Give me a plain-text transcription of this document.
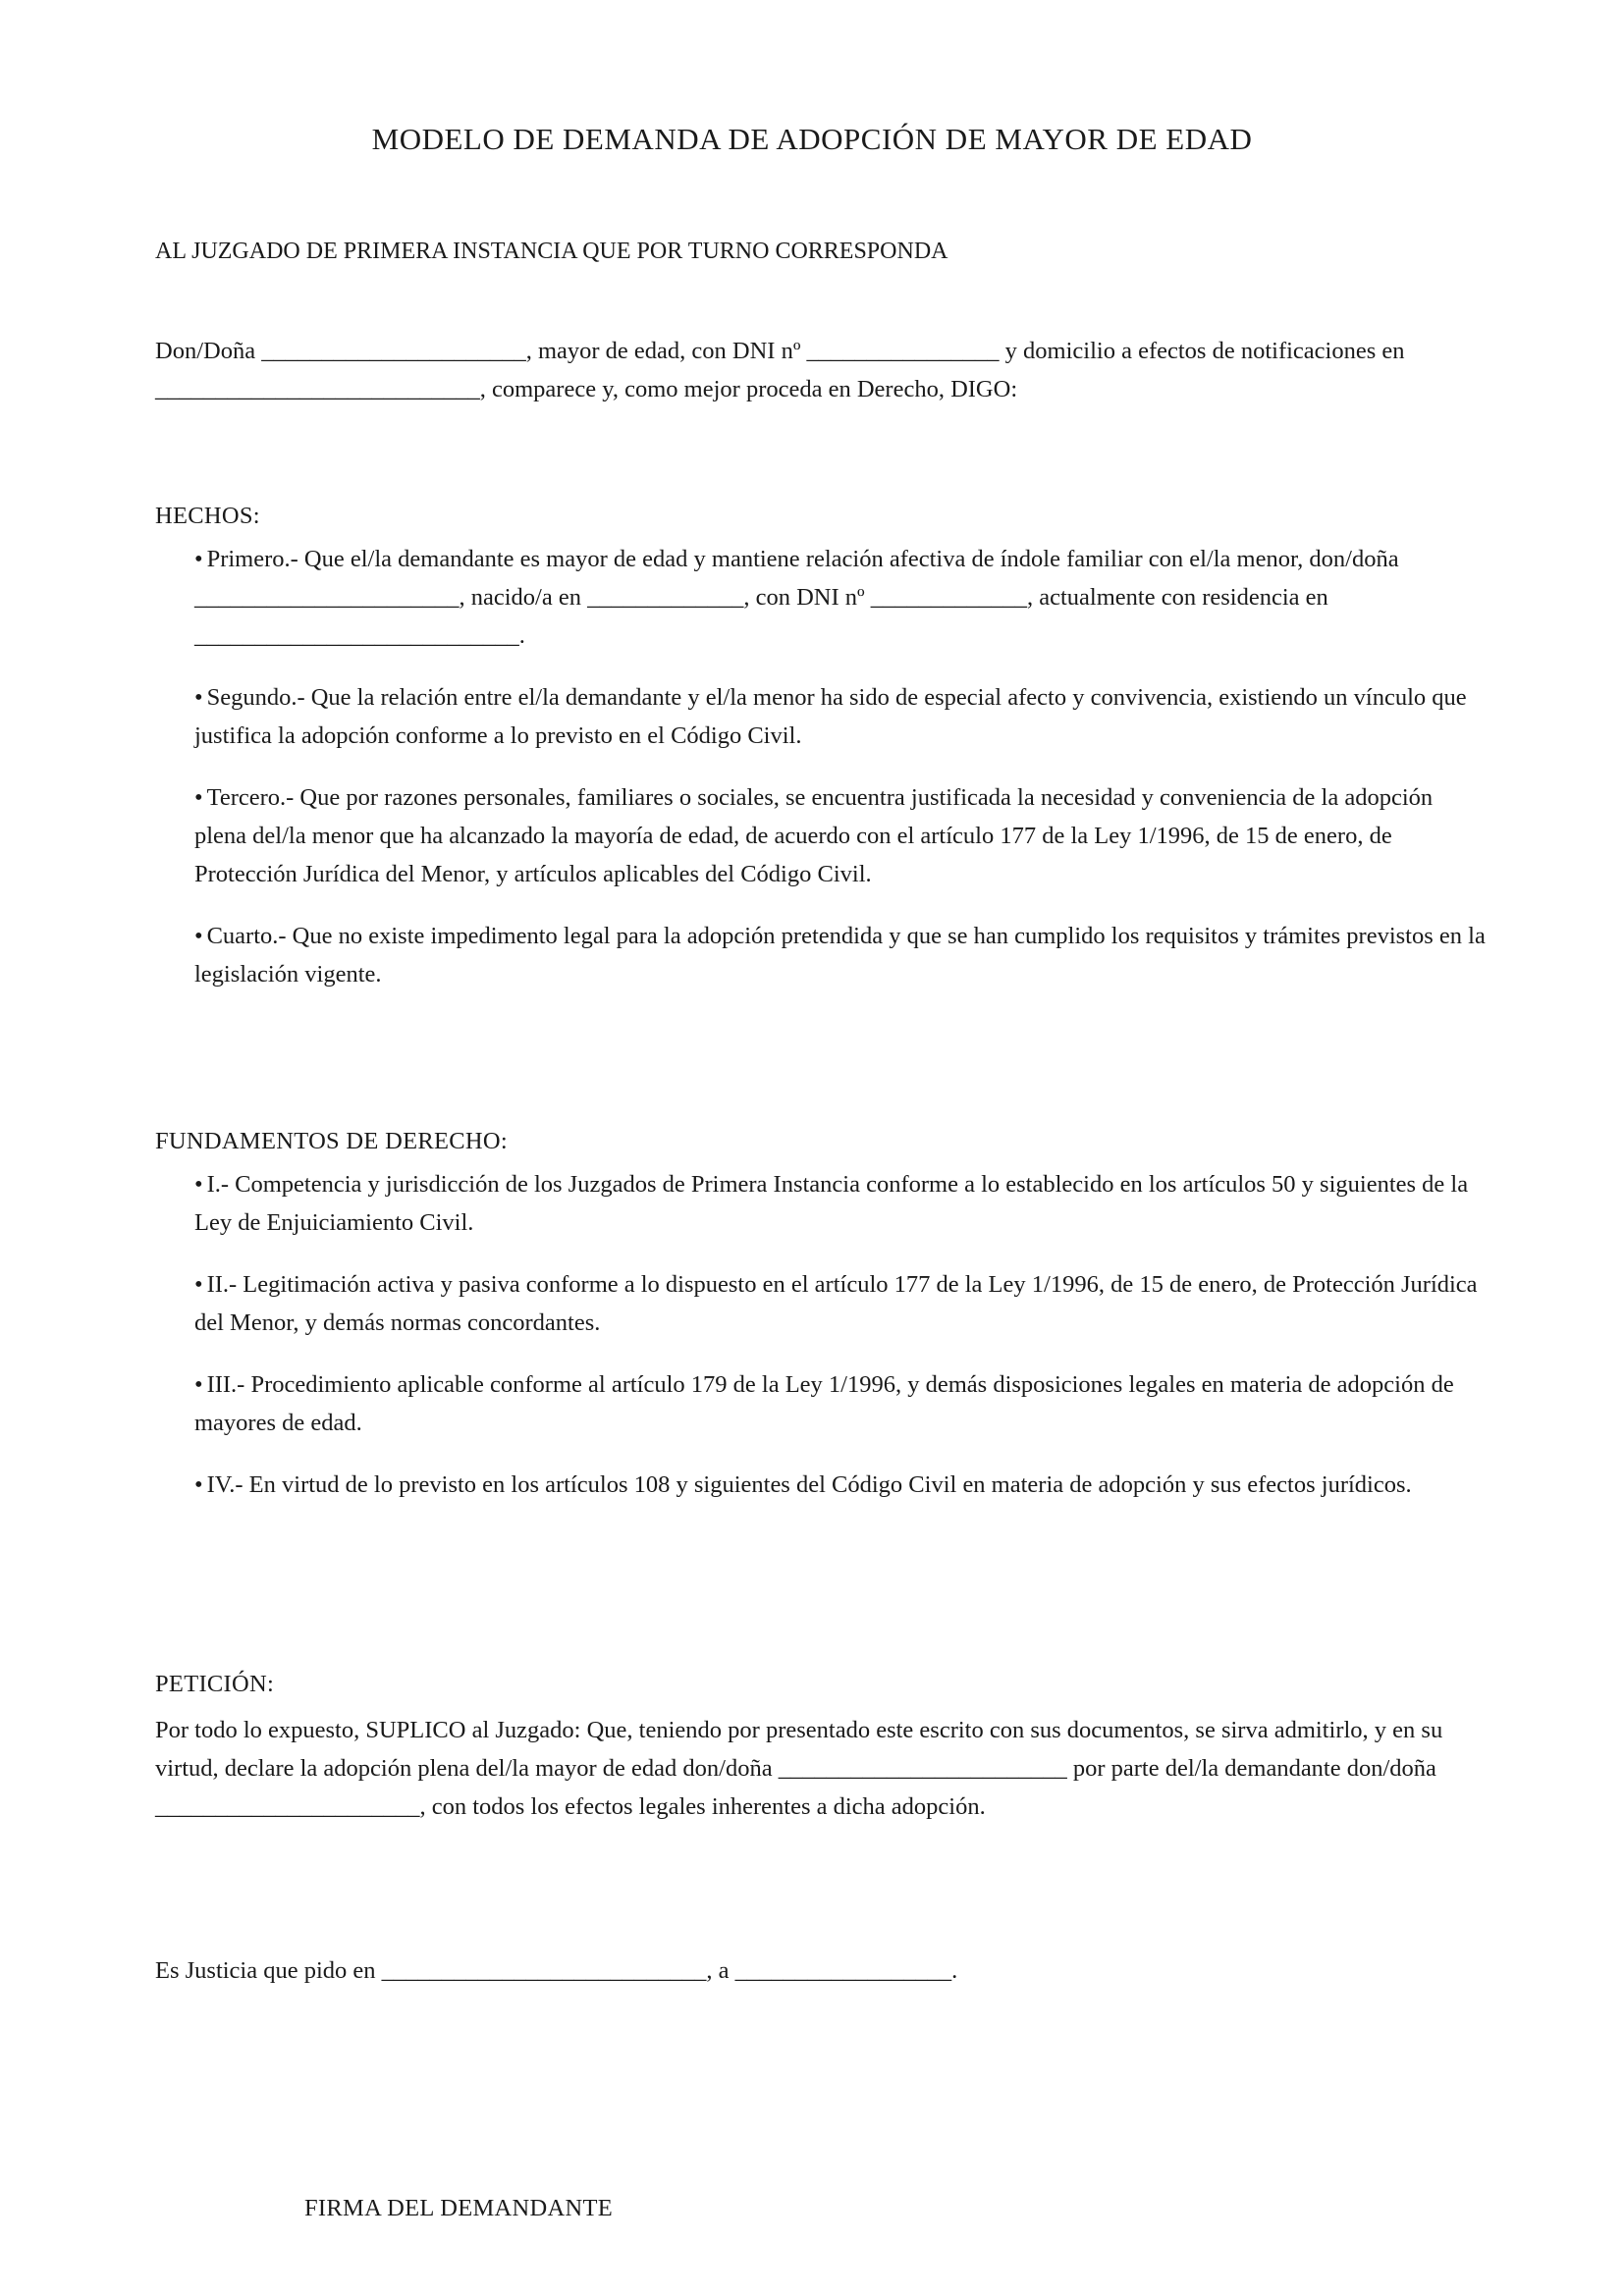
MODELO DE DEMANDA DE ADOPCIÓN DE MAYOR DE EDAD

AL JUZGADO DE PRIMERA INSTANCIA QUE POR TURNO CORRESPONDA

Don/Doña ______________________, mayor de edad, con DNI nº ________________ y domicilio a efectos de notificaciones en ___________________________, comparece y, como mejor proceda en Derecho, DIGO:

HECHOS:
• Primero.- Que el/la demandante es mayor de edad y mantiene relación afectiva de índole familiar con el/la menor, don/doña ______________________, nacido/a en _____________, con DNI nº _____________, actualmente con residencia en ___________________________.
• Segundo.- Que la relación entre el/la demandante y el/la menor ha sido de especial afecto y convivencia, existiendo un vínculo que justifica la adopción conforme a lo previsto en el Código Civil.
• Tercero.- Que por razones personales, familiares o sociales, se encuentra justificada la necesidad y conveniencia de la adopción plena del/la menor que ha alcanzado la mayoría de edad, de acuerdo con el artículo 177 de la Ley 1/1996, de 15 de enero, de Protección Jurídica del Menor, y artículos aplicables del Código Civil.
• Cuarto.- Que no existe impedimento legal para la adopción pretendida y que se han cumplido los requisitos y trámites previstos en la legislación vigente.
FUNDAMENTOS DE DERECHO:
• I.- Competencia y jurisdicción de los Juzgados de Primera Instancia conforme a lo establecido en los artículos 50 y siguientes de la Ley de Enjuiciamiento Civil.
• II.- Legitimación activa y pasiva conforme a lo dispuesto en el artículo 177 de la Ley 1/1996, de 15 de enero, de Protección Jurídica del Menor, y demás normas concordantes.
• III.- Procedimiento aplicable conforme al artículo 179 de la Ley 1/1996, y demás disposiciones legales en materia de adopción de mayores de edad.
• IV.- En virtud de lo previsto en los artículos 108 y siguientes del Código Civil en materia de adopción y sus efectos jurídicos.
PETICIÓN:

Por todo lo expuesto, SUPLICO al Juzgado: Que, teniendo por presentado este escrito con sus documentos, se sirva admitirlo, y en su virtud, declare la adopción plena del/la mayor de edad don/doña ________________________ por parte del/la demandante don/doña ______________________, con todos los efectos legales inherentes a dicha adopción.

Es Justicia que pido en ___________________________, a __________________.

FIRMA DEL DEMANDANTE
